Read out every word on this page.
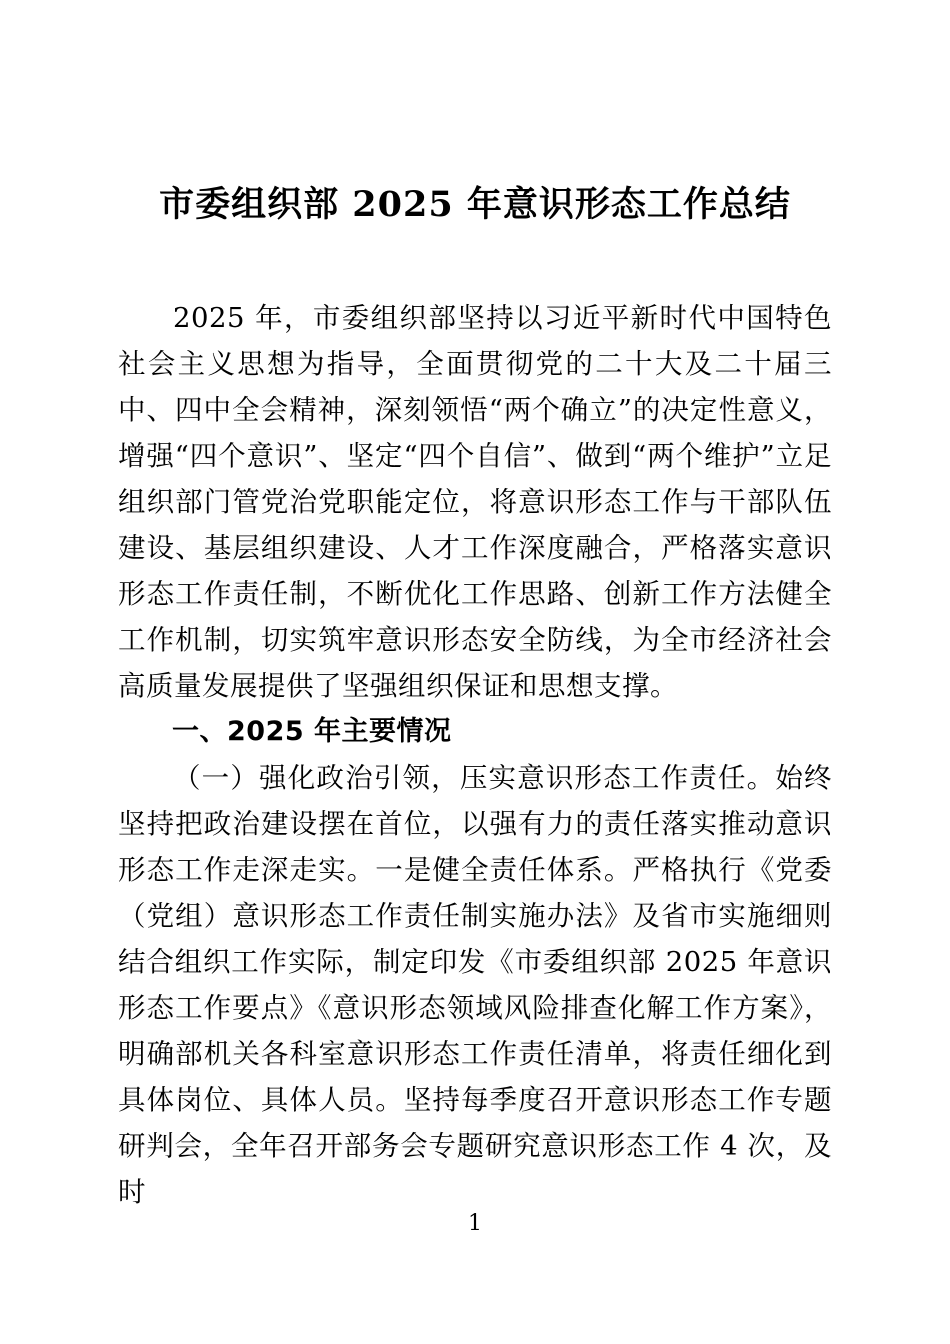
市委组织部 2025 年意识形态工作总结

2025 年，市委组织部坚持以习近平新时代中国特色社会主义思想为指导，全面贯彻党的二十大及二十届三中、四中全会精神，深刻领悟“两个确立”的决定性意义，增强“四个意识”、坚定“四个自信”、做到“两个维护”立足组织部门管党治党职能定位，将意识形态工作与干部队伍建设、基层组织建设、人才工作深度融合，严格落实意识形态工作责任制，不断优化工作思路、创新工作方法健全工作机制，切实筑牢意识形态安全防线，为全市经济社会高质量发展提供了坚强组织保证和思想支撑。

一、2025 年主要情况

（一）强化政治引领，压实意识形态工作责任。始终坚持把政治建设摆在首位，以强有力的责任落实推动意识形态工作走深走实。一是健全责任体系。严格执行《党委（党组）意识形态工作责任制实施办法》及省市实施细则结合组织工作实际，制定印发《市委组织部 2025 年意识形态工作要点》《意识形态领域风险排查化解工作方案》，明确部机关各科室意识形态工作责任清单，将责任细化到具体岗位、具体人员。坚持每季度召开意识形态工作专题研判会，全年召开部务会专题研究意识形态工作 4 次，及时

1
